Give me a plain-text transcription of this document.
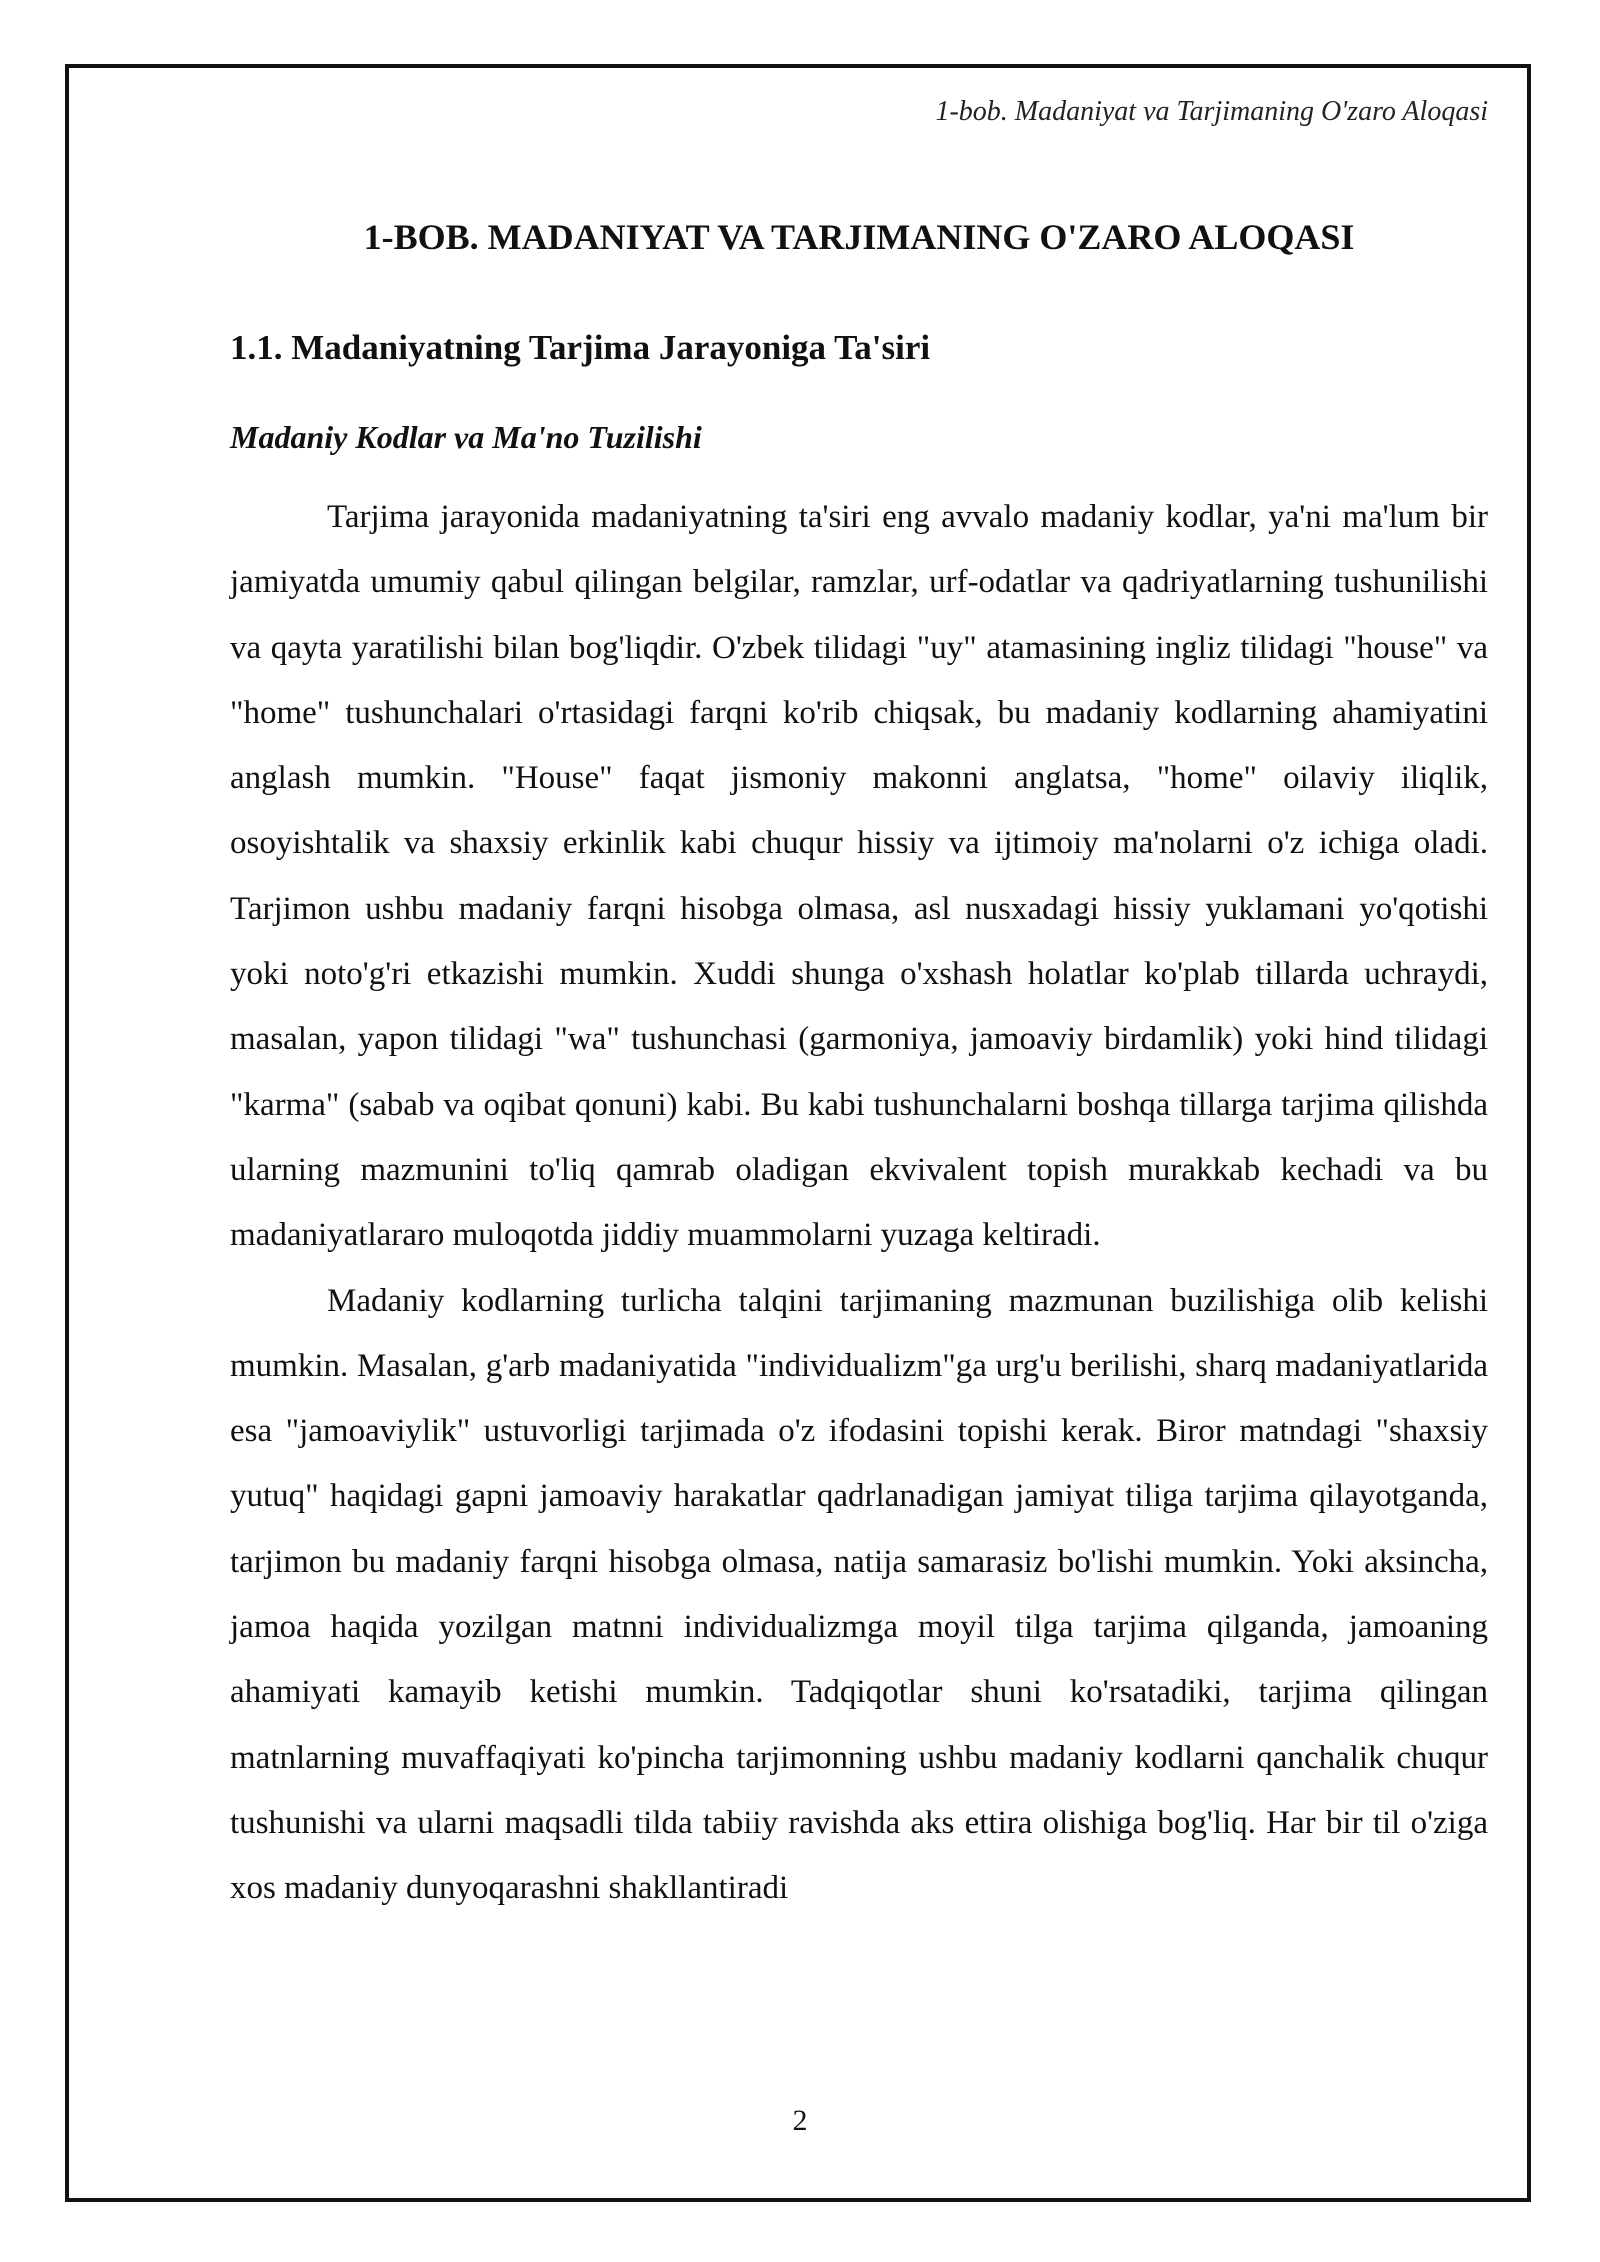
1-bob. Madaniyat va Tarjimaning O'zaro Aloqasi
1-BOB. MADANIYAT VA TARJIMANING O'ZARO ALOQASI
1.1. Madaniyatning Tarjima Jarayoniga Ta'siri
Madaniy Kodlar va Ma'no Tuzilishi

Tarjima jarayonida madaniyatning ta'siri eng avvalo madaniy kodlar, ya'ni ma'lum bir jamiyatda umumiy qabul qilingan belgilar, ramzlar, urf-odatlar va qadriyatlarning tushunilishi va qayta yaratilishi bilan bog'liqdir. O'zbek tilidagi "uy" atamasining ingliz tilidagi "house" va "home" tushunchalari o'rtasidagi farqni ko'rib chiqsak, bu madaniy kodlarning ahamiyatini anglash mumkin. "House" faqat jismoniy makonni anglatsa, "home" oilaviy iliqlik, osoyishtalik va shaxsiy erkinlik kabi chuqur hissiy va ijtimoiy ma'nolarni o'z ichiga oladi. Tarjimon ushbu madaniy farqni hisobga olmasa, asl nusxadagi hissiy yuklamani yo'qotishi yoki noto'g'ri etkazishi mumkin. Xuddi shunga o'xshash holatlar ko'plab tillarda uchraydi, masalan, yapon tilidagi "wa" tushunchasi (garmoniya, jamoaviy birdamlik) yoki hind tilidagi "karma" (sabab va oqibat qonuni) kabi. Bu kabi tushunchalarni boshqa tillarga tarjima qilishda ularning mazmunini to'liq qamrab oladigan ekvivalent topish murakkab kechadi va bu madaniyatlararo muloqotda jiddiy muammolarni yuzaga keltiradi.

Madaniy kodlarning turlicha talqini tarjimaning mazmunan buzilishiga olib kelishi mumkin. Masalan, g'arb madaniyatida "individualizm"ga urg'u berilishi, sharq madaniyatlarida esa "jamoaviylik" ustuvorligi tarjimada o'z ifodasini topishi kerak. Biror matndagi "shaxsiy yutuq" haqidagi gapni jamoaviy harakatlar qadrlanadigan jamiyat tiliga tarjima qilayotganda, tarjimon bu madaniy farqni hisobga olmasa, natija samarasiz bo'lishi mumkin. Yoki aksincha, jamoa haqida yozilgan matnni individualizmga moyil tilga tarjima qilganda, jamoaning ahamiyati kamayib ketishi mumkin. Tadqiqotlar shuni ko'rsatadiki, tarjima qilingan matnlarning muvaffaqiyati ko'pincha tarjimonning ushbu madaniy kodlarni qanchalik chuqur tushunishi va ularni maqsadli tilda tabiiy ravishda aks ettira olishiga bog'liq. Har bir til o'ziga xos madaniy dunyoqarashni shakllantiradi

2
